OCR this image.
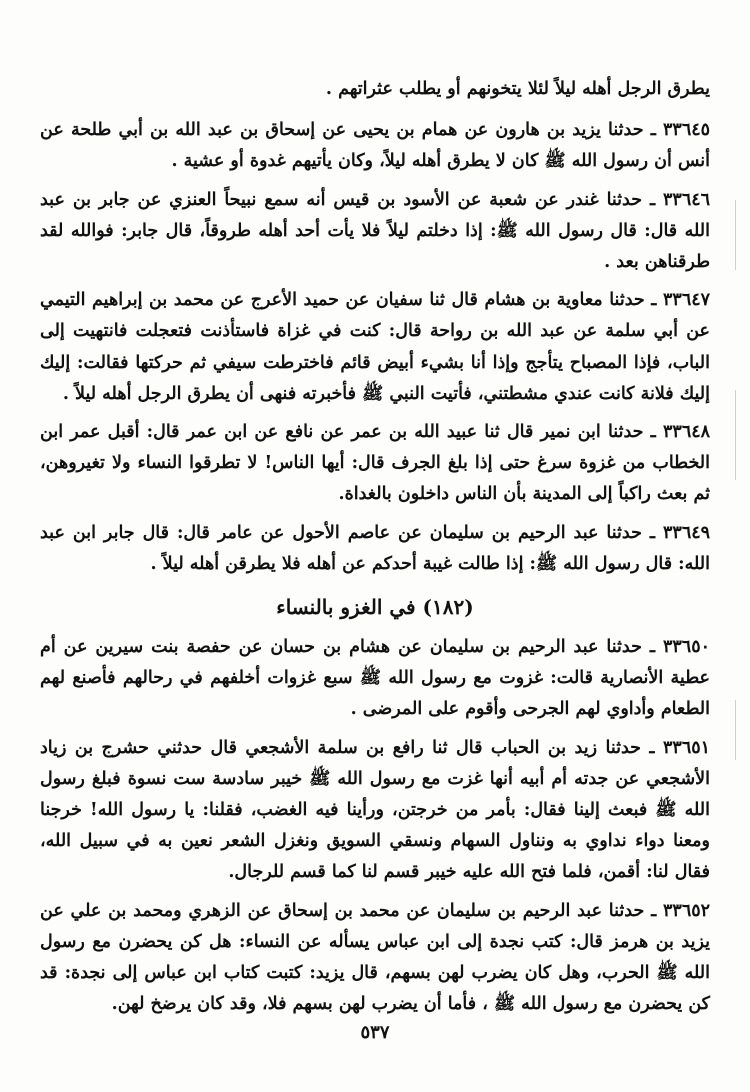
يطرق الرجل أهله ليلاً لئلا يتخونهم أو يطلب عثراتهم .

٣٣٦٤٥ ـ حدثنا يزيد بن هارون عن همام بن يحيى عن إسحاق بن عبد الله بن أبي طلحة عن أنس أن رسول الله ﷺ كان لا يطرق أهله ليلاً، وكان يأتيهم غدوة أو عشية .

٣٣٦٤٦ ـ حدثنا غندر عن شعبة عن الأسود بن قيس أنه سمع نبيحاً العنزي عن جابر بن عبد الله قال: قال رسول الله ﷺ: إذا دخلتم ليلاً فلا يأت أحد أهله طروقاً، قال جابر: فوالله لقد طرقناهن بعد .

٣٣٦٤٧ ـ حدثنا معاوية بن هشام قال ثنا سفيان عن حميد الأعرج عن محمد بن إبراهيم التيمي عن أبي سلمة عن عبد الله بن رواحة قال: كنت في غزاة فاستأذنت فتعجلت فانتهيت إلى الباب، فإذا المصباح يتأجج وإذا أنا بشيء أبيض قائم فاخترطت سيفي ثم حركتها فقالت: إليك إليك فلانة كانت عندي مشطتني، فأتيت النبي ﷺ فأخبرته فنهى أن يطرق الرجل أهله ليلاً .

٣٣٦٤٨ ـ حدثنا ابن نمير قال ثنا عبيد الله بن عمر عن نافع عن ابن عمر قال: أقبل عمر ابن الخطاب من غزوة سرغ حتى إذا بلغ الجرف قال: أيها الناس! لا تطرقوا النساء ولا تغيروهن، ثم بعث راكباً إلى المدينة بأن الناس داخلون بالغداة.

٣٣٦٤٩ ـ حدثنا عبد الرحيم بن سليمان عن عاصم الأحول عن عامر قال: قال جابر ابن عبد الله: قال رسول الله ﷺ: إذا طالت غيبة أحدكم عن أهله فلا يطرقن أهله ليلاً .

(١٨٢) في الغزو بالنساء

٣٣٦٥٠ ـ حدثنا عبد الرحيم بن سليمان عن هشام بن حسان عن حفصة بنت سيرين عن أم عطية الأنصارية قالت: غزوت مع رسول الله ﷺ سبع غزوات أخلفهم في رحالهم فأصنع لهم الطعام وأداوي لهم الجرحى وأقوم على المرضى .

٣٣٦٥١ ـ حدثنا زيد بن الحباب قال ثنا رافع بن سلمة الأشجعي قال حدثني حشرج بن زياد الأشجعي عن جدته أم أبيه أنها غزت مع رسول الله ﷺ خيبر سادسة ست نسوة فبلغ رسول الله ﷺ فبعث إلينا فقال: بأمر من خرجتن، ورأينا فيه الغضب، فقلنا: يا رسول الله! خرجنا ومعنا دواء نداوي به ونناول السهام ونسقي السويق ونغزل الشعر نعين به في سبيل الله، فقال لنا: أقمن، فلما فتح الله عليه خيبر قسم لنا كما قسم للرجال.

٣٣٦٥٢ ـ حدثنا عبد الرحيم بن سليمان عن محمد بن إسحاق عن الزهري ومحمد بن علي عن يزيد بن هرمز قال: كتب نجدة إلى ابن عباس يسأله عن النساء: هل كن يحضرن مع رسول الله ﷺ الحرب، وهل كان يضرب لهن بسهم، قال يزيد: كتبت كتاب ابن عباس إلى نجدة: قد كن يحضرن مع رسول الله ﷺ ، فأما أن يضرب لهن بسهم فلا، وقد كان يرضخ لهن.

٥٣٧
